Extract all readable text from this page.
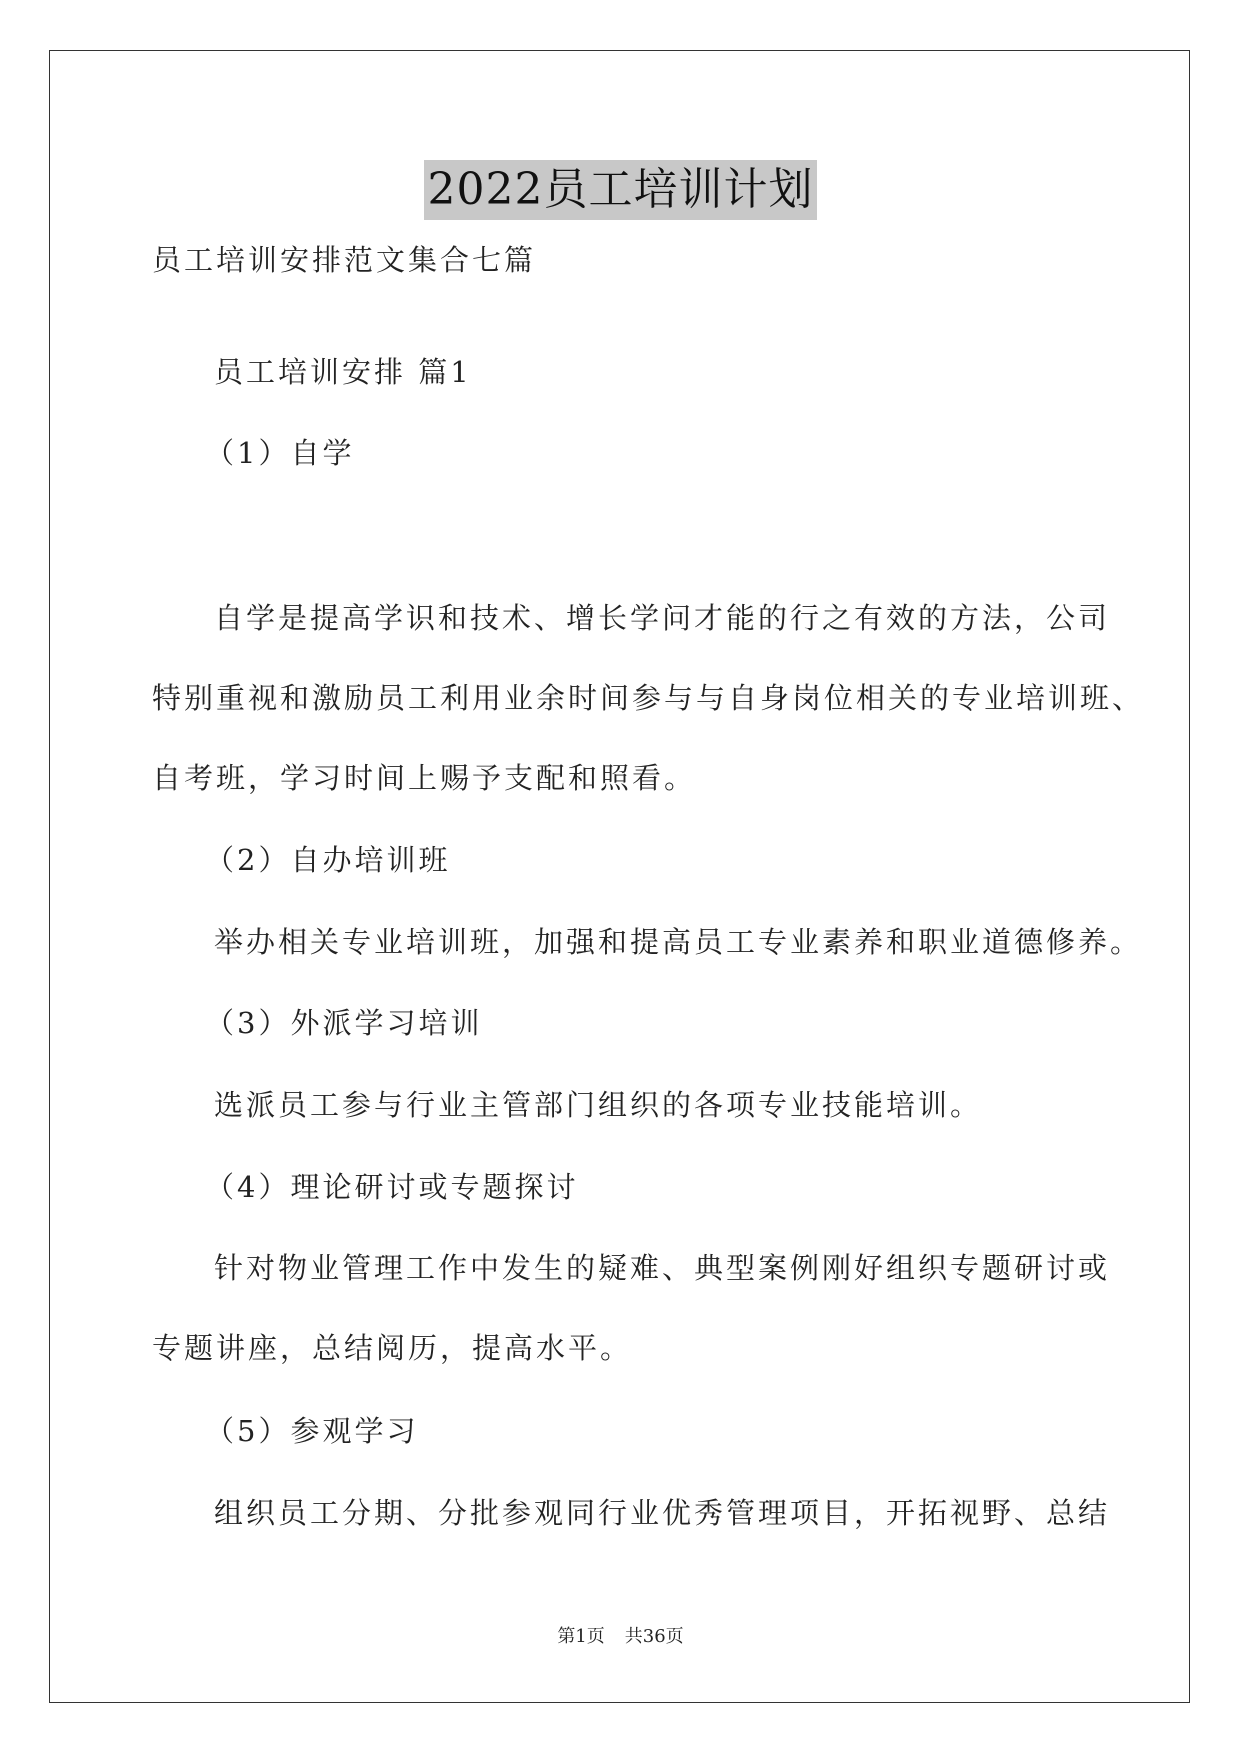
2022员工培训计划
员工培训安排范文集合七篇
员工培训安排 篇1
（1）自学
自学是提高学识和技术、增长学问才能的行之有效的方法，公司
特别重视和激励员工利用业余时间参与与自身岗位相关的专业培训班、
自考班，学习时间上赐予支配和照看。
（2）自办培训班
举办相关专业培训班，加强和提高员工专业素养和职业道德修养。
（3）外派学习培训
选派员工参与行业主管部门组织的各项专业技能培训。
（4）理论研讨或专题探讨
针对物业管理工作中发生的疑难、典型案例刚好组织专题研讨或
专题讲座，总结阅历，提高水平。
（5）参观学习
组织员工分期、分批参观同行业优秀管理项目，开拓视野、总结
第1页 共36页
